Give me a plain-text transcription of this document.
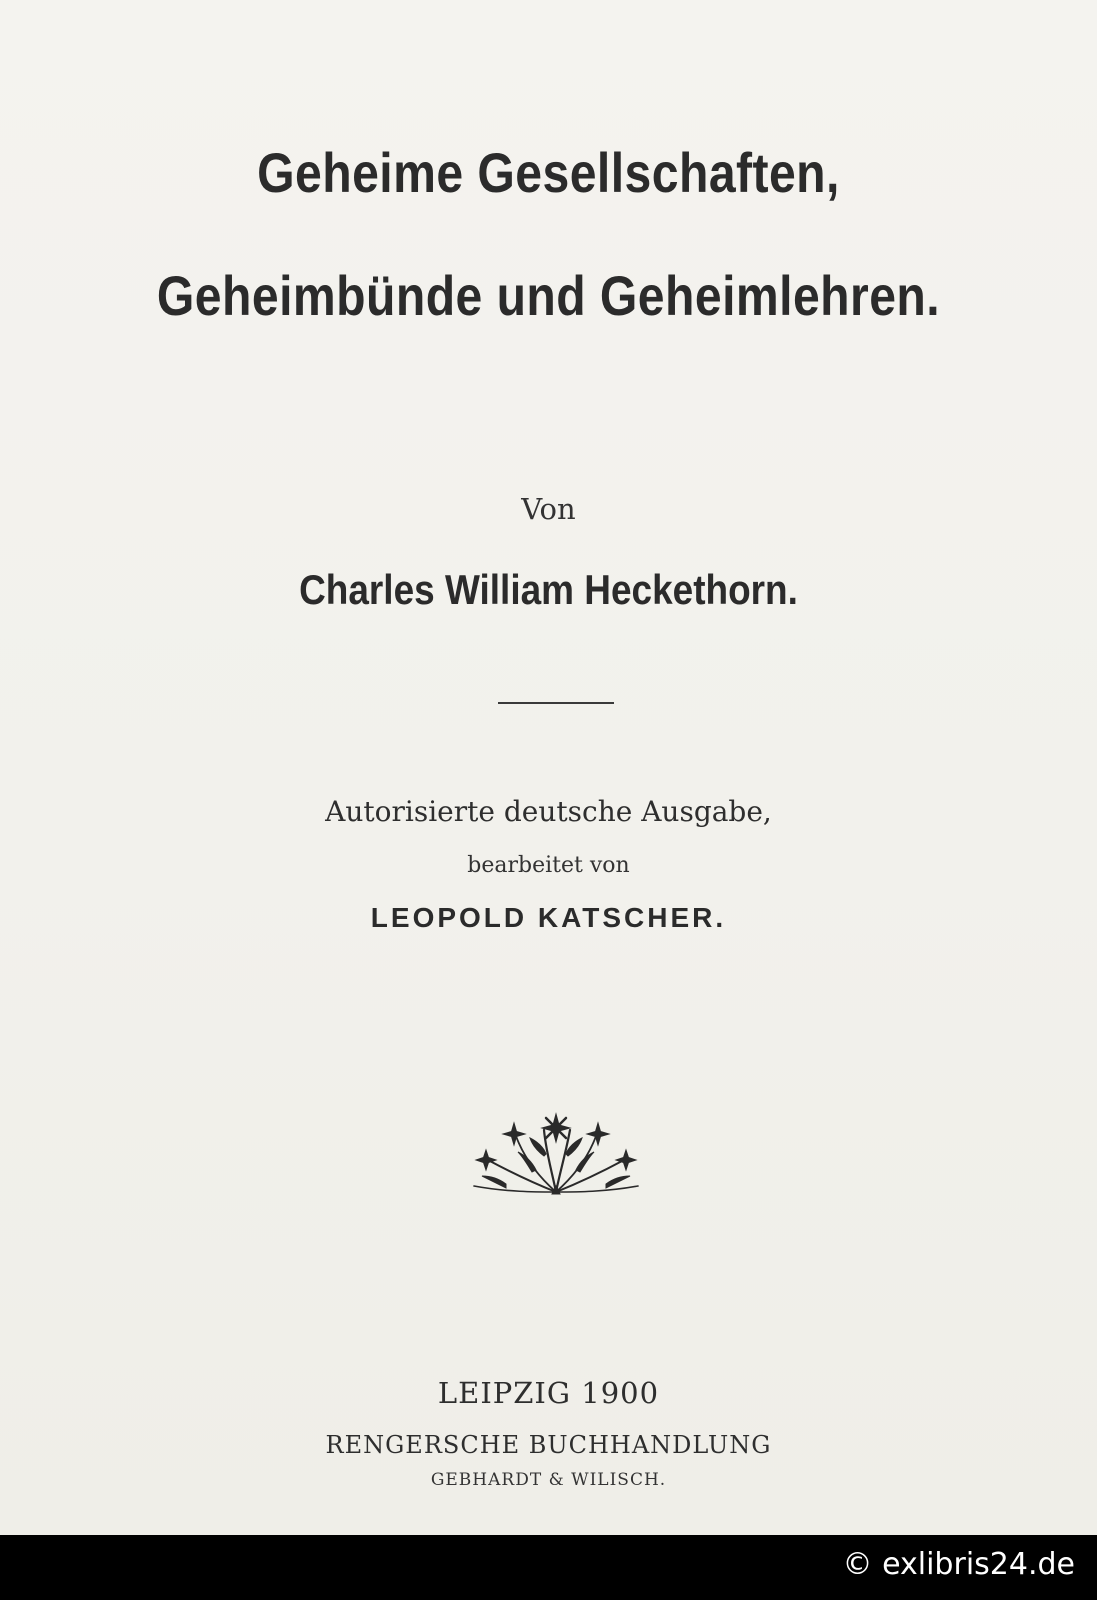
Geheime Gesellschaften,
Geheimbünde und Geheimlehren.
Von
Charles William Heckethorn.
Autorisierte deutsche Ausgabe,
bearbeitet von
LEOPOLD KATSCHER.
LEIPZIG 1900
RENGERSCHE BUCHHANDLUNG
GEBHARDT & WILISCH.
© exlibris24.de
